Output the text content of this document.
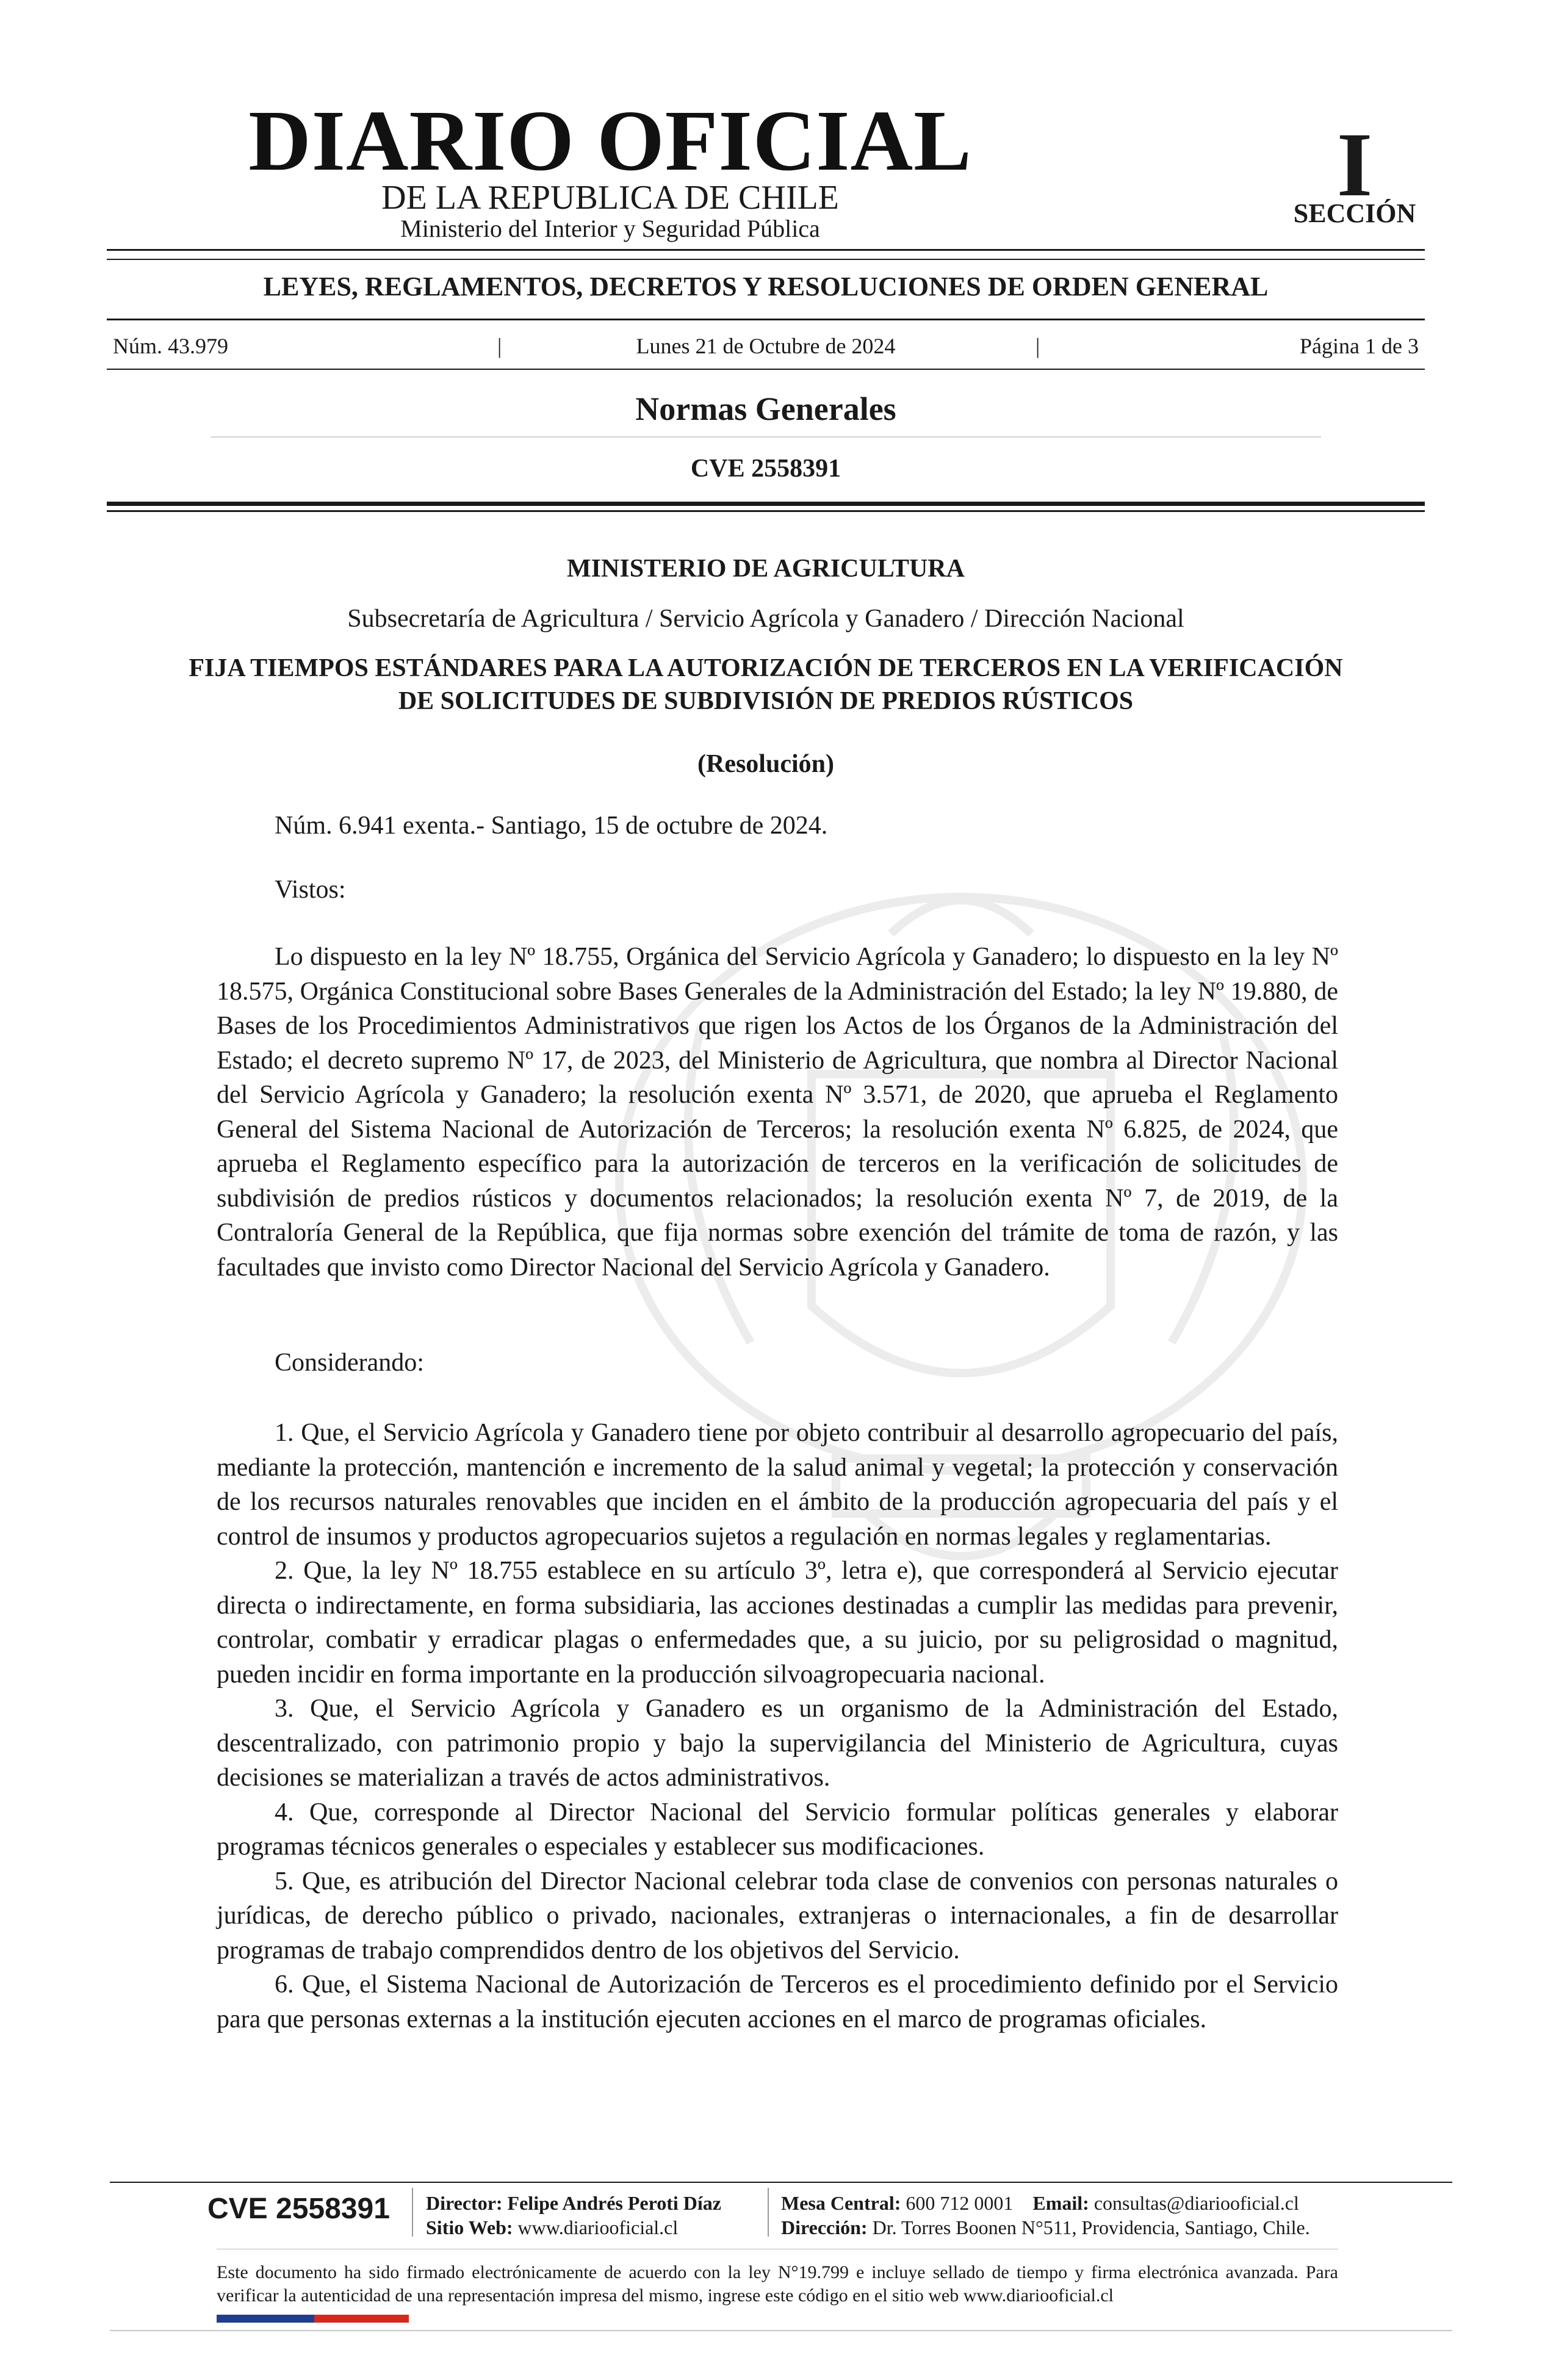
DIARIO OFICIAL
DE LA REPUBLICA DE CHILE
Ministerio del Interior y Seguridad Pública
I
SECCIÓN
LEYES, REGLAMENTOS, DECRETOS Y RESOLUCIONES DE ORDEN GENERAL
Lunes 21 de Octubre de 2024
Núm. 43.979	|	|	Página 1 de 3
Normas Generales
CVE 2558391
MINISTERIO DE AGRICULTURA
Subsecretaría de Agricultura / Servicio Agrícola y Ganadero / Dirección Nacional
FIJA TIEMPOS ESTÁNDARES PARA LA AUTORIZACIÓN DE TERCEROS EN LA VERIFICACIÓN DE SOLICITUDES DE SUBDIVISIÓN DE PREDIOS RÚSTICOS
(Resolución)
Núm. 6.941 exenta.- Santiago, 15 de octubre de 2024.
Vistos:

Lo dispuesto en la ley Nº 18.755, Orgánica del Servicio Agrícola y Ganadero; lo dispuesto en la ley Nº 18.575, Orgánica Constitucional sobre Bases Generales de la Administración del Estado; la ley Nº 19.880, de Bases de los Procedimientos Administrativos que rigen los Actos de los Órganos de la Administración del Estado; el decreto supremo Nº 17, de 2023, del Ministerio de Agricultura, que nombra al Director Nacional del Servicio Agrícola y Ganadero; la resolución exenta Nº 3.571, de 2020, que aprueba el Reglamento General del Sistema Nacional de Autorización de Terceros; la resolución exenta Nº 6.825, de 2024, que aprueba el Reglamento específico para la autorización de terceros en la verificación de solicitudes de subdivisión de predios rústicos y documentos relacionados; la resolución exenta Nº 7, de 2019, de la Contraloría General de la República, que fija normas sobre exención del trámite de toma de razón, y las facultades que invisto como Director Nacional del Servicio Agrícola y Ganadero.

Considerando:

1. Que, el Servicio Agrícola y Ganadero tiene por objeto contribuir al desarrollo agropecuario del país, mediante la protección, mantención e incremento de la salud animal y vegetal; la protección y conservación de los recursos naturales renovables que inciden en el ámbito de la producción agropecuaria del país y el control de insumos y productos agropecuarios sujetos a regulación en normas legales y reglamentarias.

2. Que, la ley Nº 18.755 establece en su artículo 3º, letra e), que corresponderá al Servicio ejecutar directa o indirectamente, en forma subsidiaria, las acciones destinadas a cumplir las medidas para prevenir, controlar, combatir y erradicar plagas o enfermedades que, a su juicio, por su peligrosidad o magnitud, pueden incidir en forma importante en la producción silvoagropecuaria nacional.

3. Que, el Servicio Agrícola y Ganadero es un organismo de la Administración del Estado, descentralizado, con patrimonio propio y bajo la supervigilancia del Ministerio de Agricultura, cuyas decisiones se materializan a través de actos administrativos.

4. Que, corresponde al Director Nacional del Servicio formular políticas generales y elaborar programas técnicos generales o especiales y establecer sus modificaciones.

5. Que, es atribución del Director Nacional celebrar toda clase de convenios con personas naturales o jurídicas, de derecho público o privado, nacionales, extranjeras o internacionales, a fin de desarrollar programas de trabajo comprendidos dentro de los objetivos del Servicio.

6. Que, el Sistema Nacional de Autorización de Terceros es el procedimiento definido por el Servicio para que personas externas a la institución ejecuten acciones en el marco de programas oficiales.

CVE 2558391	Director: Felipe Andrés Peroti Díaz
Sitio Web: www.diariooficial.cl
Mesa Central: 600 712 0001 Email: consultas@diariooficial.cl
Dirección: Dr. Torres Boonen N°511, Providencia, Santiago, Chile.
Este documento ha sido firmado electrónicamente de acuerdo con la ley N°19.799 e incluye sellado de tiempo y firma electrónica avanzada. Para verificar la autenticidad de una representación impresa del mismo, ingrese este código en el sitio web www.diariooficial.cl
